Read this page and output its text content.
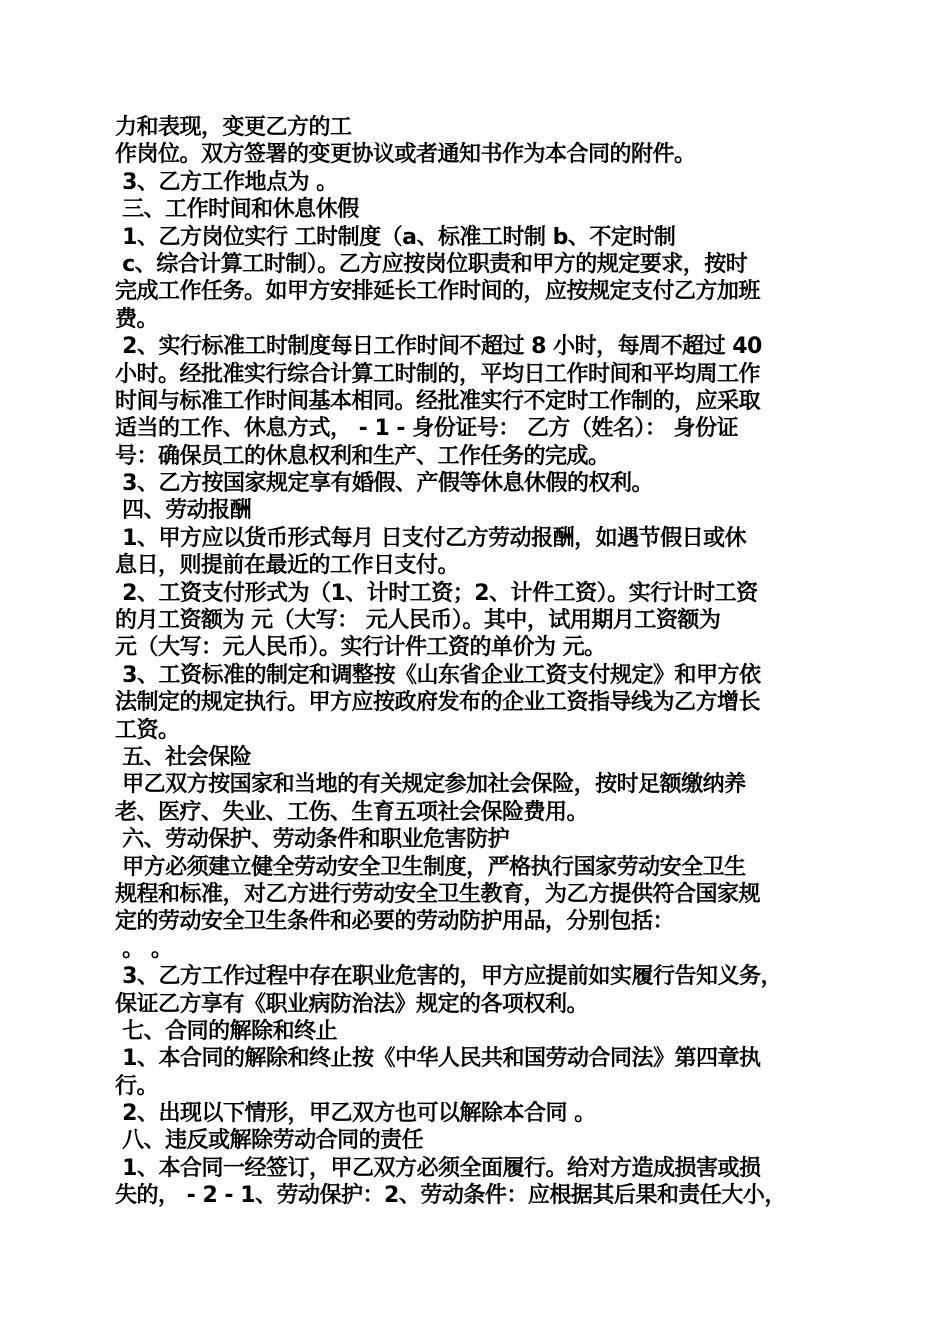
力和表现，变更乙方的工
作岗位。双方签署的变更协议或者通知书作为本合同的附件。
3、乙方工作地点为 。
三、工作时间和休息休假
1、乙方岗位实行 工时制度（a、标准工时制 b、不定时制
c、综合计算工时制）。乙方应按岗位职责和甲方的规定要求，按时
完成工作任务。如甲方安排延长工作时间的，应按规定支付乙方加班
费。
2、实行标准工时制度每日工作时间不超过 8 小时，每周不超过 40
小时。经批准实行综合计算工时制的，平均日工作时间和平均周工作
时间与标准工作时间基本相同。经批准实行不定时工作制的，应采取
适当的工作、休息方式， - 1 - 身份证号： 乙方（姓名）： 身份证
号：确保员工的休息权利和生产、工作任务的完成。
3、乙方按国家规定享有婚假、产假等休息休假的权利。
四、劳动报酬
1、甲方应以货币形式每月 日支付乙方劳动报酬，如遇节假日或休
息日，则提前在最近的工作日支付。
2、工资支付形式为（1、计时工资；2、计件工资）。实行计时工资
的月工资额为 元（大写： 元人民币）。其中，试用期月工资额为
元（大写：元人民币）。实行计件工资的单价为 元。
3、工资标准的制定和调整按《山东省企业工资支付规定》和甲方依
法制定的规定执行。甲方应按政府发布的企业工资指导线为乙方增长
工资。
五、社会保险
甲乙双方按国家和当地的有关规定参加社会保险，按时足额缴纳养
老、医疗、失业、工伤、生育五项社会保险费用。
六、劳动保护、劳动条件和职业危害防护
甲方必须建立健全劳动安全卫生制度，严格执行国家劳动安全卫生
规程和标准，对乙方进行劳动安全卫生教育，为乙方提供符合国家规
定的劳动安全卫生条件和必要的劳动防护用品，分别包括：
。 。
3、乙方工作过程中存在职业危害的，甲方应提前如实履行告知义务，
保证乙方享有《职业病防治法》规定的各项权利。
七、合同的解除和终止
1、本合同的解除和终止按《中华人民共和国劳动合同法》第四章执
行。
2、出现以下情形，甲乙双方也可以解除本合同 。
八、违反或解除劳动合同的责任
1、本合同一经签订，甲乙双方必须全面履行。给对方造成损害或损
失的， - 2 - 1、劳动保护：2、劳动条件：应根据其后果和责任大小，
